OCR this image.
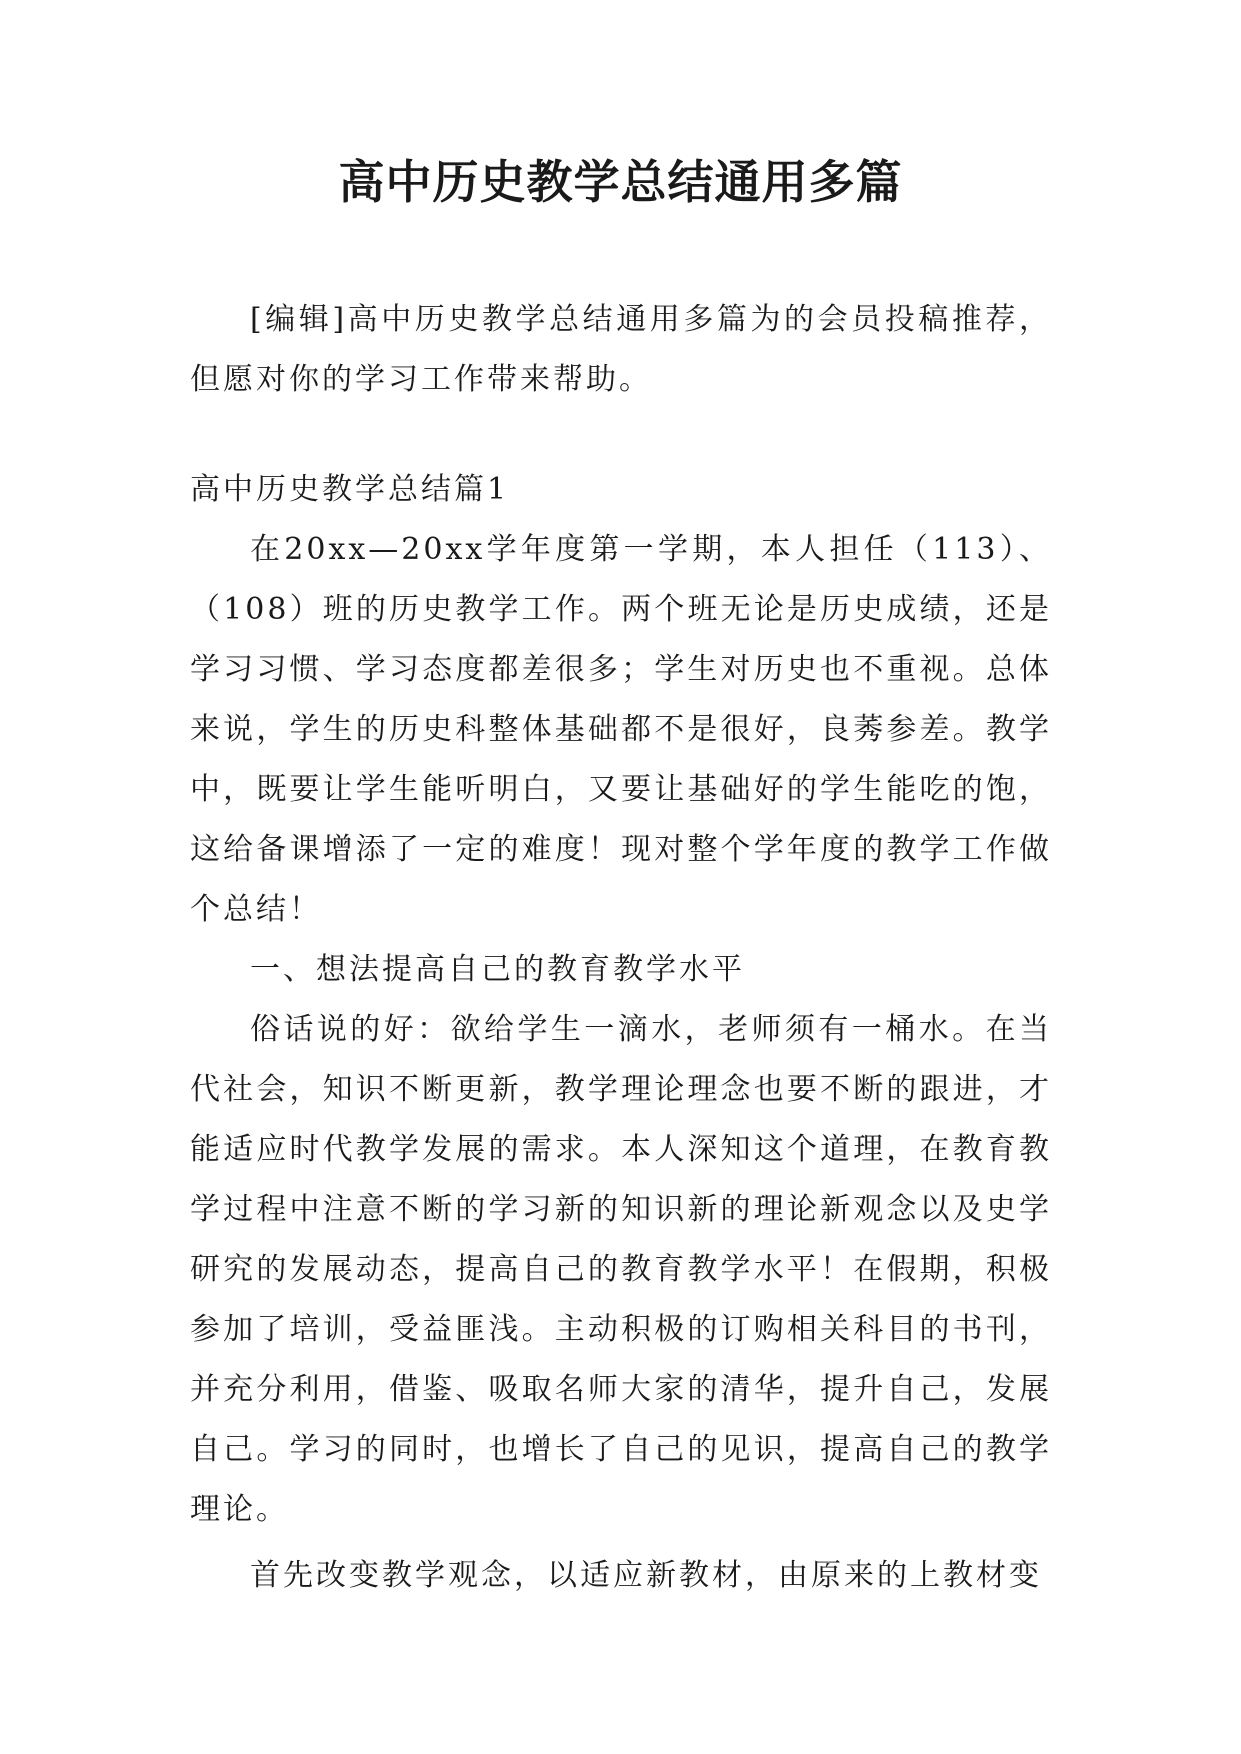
高中历史教学总结通用多篇

[编辑]高中历史教学总结通用多篇为的会员投稿推荐，但愿对你的学习工作带来帮助。

高中历史教学总结篇1

在20xx—20xx学年度第一学期，本人担任（113）、（108）班的历史教学工作。两个班无论是历史成绩，还是学习习惯、学习态度都差很多；学生对历史也不重视。总体来说，学生的历史科整体基础都不是很好，良莠参差。教学中，既要让学生能听明白，又要让基础好的学生能吃的饱，这给备课增添了一定的难度！现对整个学年度的教学工作做个总结！

一、想法提高自己的教育教学水平

俗话说的好：欲给学生一滴水，老师须有一桶水。在当代社会，知识不断更新，教学理论理念也要不断的跟进，才能适应时代教学发展的需求。本人深知这个道理，在教育教学过程中注意不断的学习新的知识新的理论新观念以及史学研究的发展动态，提高自己的教育教学水平！在假期，积极参加了培训，受益匪浅。主动积极的订购相关科目的书刊，并充分利用，借鉴、吸取名师大家的清华，提升自己，发展自己。学习的同时，也增长了自己的见识，提高自己的教学理论。

首先改变教学观念，以适应新教材，由原来的上教材变
